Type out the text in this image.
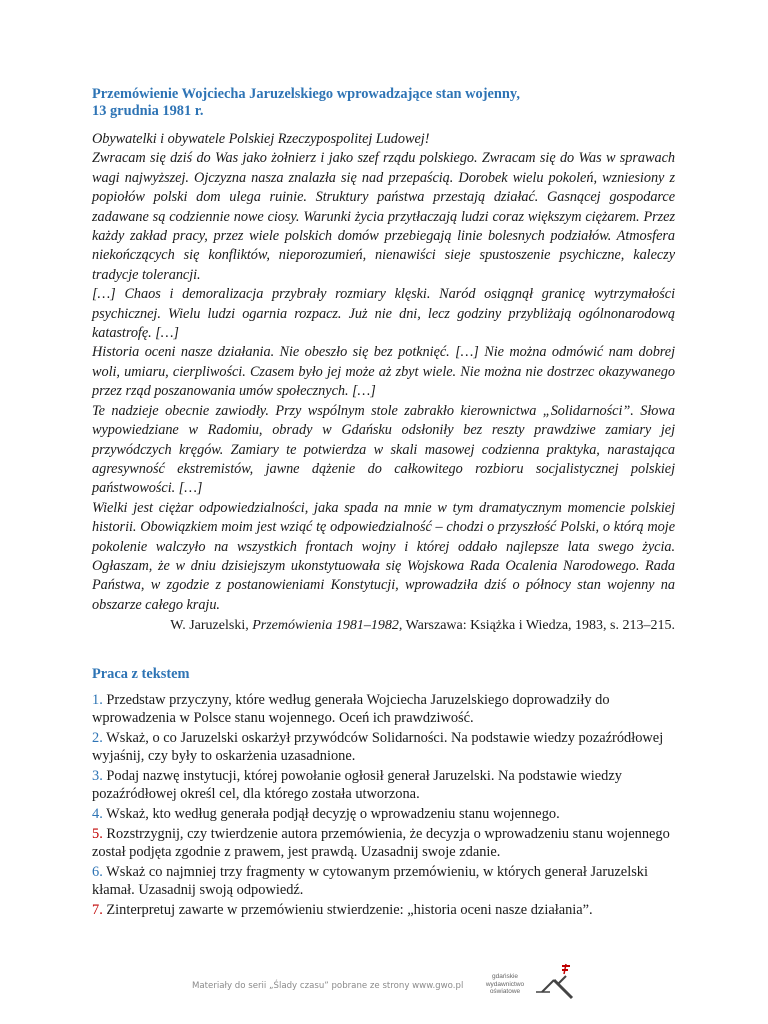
Przemówienie Wojciecha Jaruzelskiego wprowadzające stan wojenny,
13 grudnia 1981 r.

Obywatelki i obywatele Polskiej Rzeczypospolitej Ludowej!

Zwracam się dziś do Was jako żołnierz i jako szef rządu polskiego. Zwracam się do Was w sprawach wagi najwyższej. Ojczyzna nasza znalazła się nad przepaścią. Dorobek wielu pokoleń, wzniesiony z popiołów polski dom ulega ruinie. Struktury państwa przestają działać. Gasnącej gospodarce zadawane są codziennie nowe ciosy. Warunki życia przytłaczają ludzi coraz większym ciężarem. Przez każdy zakład pracy, przez wiele polskich domów przebiegają linie bolesnych podziałów. Atmosfera niekończących się konfliktów, nieporozumień, nienawiści sieje spustoszenie psychiczne, kaleczy tradycje tolerancji.

[…] Chaos i demoralizacja przybrały rozmiary klęski. Naród osiągnął granicę wytrzymałości psychicznej. Wielu ludzi ogarnia rozpacz. Już nie dni, lecz godziny przybliżają ogólnonarodową katastrofę. […]

Historia oceni nasze działania. Nie obeszło się bez potknięć. […] Nie można odmówić nam dobrej woli, umiaru, cierpliwości. Czasem było jej może aż zbyt wiele. Nie można nie dostrzec okazywanego przez rząd poszanowania umów społecznych. […]

Te nadzieje obecnie zawiodły. Przy wspólnym stole zabrakło kierownictwa „Solidarności”. Słowa wypowiedziane w Radomiu, obrady w Gdańsku odsłoniły bez reszty prawdziwe zamiary jej przywódczych kręgów. Zamiary te potwierdza w skali masowej codzienna praktyka, narastająca agresywność ekstremistów, jawne dążenie do całkowitego rozbioru socjalistycznej polskiej państwowości. […]

Wielki jest ciężar odpowiedzialności, jaka spada na mnie w tym dramatycznym momencie polskiej historii. Obowiązkiem moim jest wziąć tę odpowiedzialność – chodzi o przyszłość Polski, o którą moje pokolenie walczyło na wszystkich frontach wojny i której oddało najlepsze lata swego życia. Ogłaszam, że w dniu dzisiejszym ukonstytuowała się Wojskowa Rada Ocalenia Narodowego. Rada Państwa, w zgodzie z postanowieniami Konstytucji, wprowadziła dziś o północy stan wojenny na obszarze całego kraju.

W. Jaruzelski, Przemówienia 1981–1982, Warszawa: Książka i Wiedza, 1983, s. 213–215.
Praca z tekstem
1. Przedstaw przyczyny, które według generała Wojciecha Jaruzelskiego doprowadziły do wprowadzenia w Polsce stanu wojennego. Oceń ich prawdziwość.
2. Wskaż, o co Jaruzelski oskarżył przywódców Solidarności. Na podstawie wiedzy pozaźródłowej wyjaśnij, czy były to oskarżenia uzasadnione.
3. Podaj nazwę instytucji, której powołanie ogłosił generał Jaruzelski. Na podstawie wiedzy pozaźródłowej określ cel, dla którego została utworzona.
4. Wskaż, kto według generała podjął decyzję o wprowadzeniu stanu wojennego.
5. Rozstrzygnij, czy twierdzenie autora przemówienia, że decyzja o wprowadzeniu stanu wojennego został podjęta zgodnie z prawem, jest prawdą. Uzasadnij swoje zdanie.
6. Wskaż co najmniej trzy fragmenty w cytowanym przemówieniu, w których generał Jaruzelski kłamał. Uzasadnij swoją odpowiedź.
7. Zinterpretuj zawarte w przemówieniu stwierdzenie: „historia oceni nasze działania”.
Materiały do serii „Ślady czasu” pobrane ze strony www.gwo.pl
gdańskie
wydawnictwo
oświatowe
